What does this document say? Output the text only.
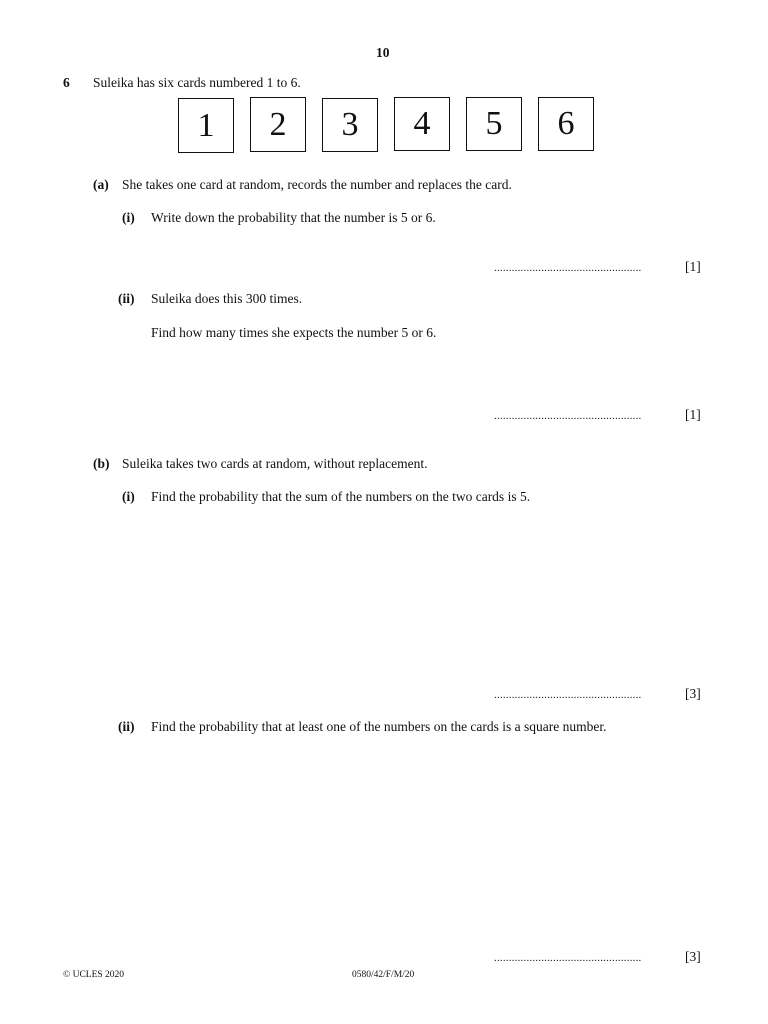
10
6 Suleika has six cards numbered 1 to 6.
1	2	3	4	5	6
(a) She takes one card at random, records the number and replaces the card.
(i) Write down the probability that the number is 5 or 6.
..................................................	[1]
(ii) Suleika does this 300 times.
Find how many times she expects the number 5 or 6.
..................................................	[1]
(b) Suleika takes two cards at random, without replacement.
(i) Find the probability that the sum of the numbers on the two cards is 5.
..................................................	[3]
(ii) Find the probability that at least one of the numbers on the cards is a square number.
..................................................	[3]
© UCLES 2020	0580/42/F/M/20
